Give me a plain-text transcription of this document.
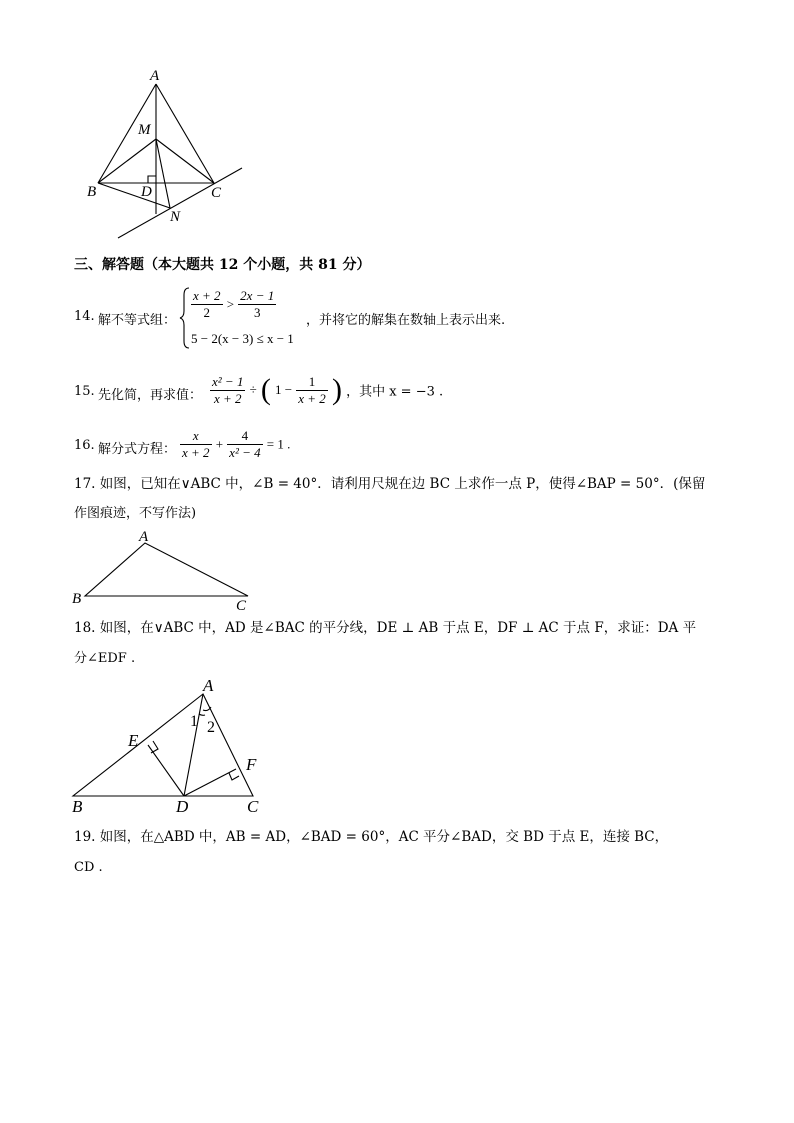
A
M
B	D	C
N
三、解答题（本大题共 12 个小题，共 81 分）
14. 解不等式组： $\frac{x + 2}{2} > \frac{2x - 1}{3}$
5 − 2(x − 3) ≤ x − 1
，并将它的解集在数轴上表示出来.
15. 先化简，再求值： $\frac{\text{x² − 1}}{x + 2}$ ÷ ( $1 - \frac{1}{x + 2}$ ) ，其中 x = −3 .
16. 解分式方程： $\frac{x}{x + 2} + \frac{4}{\text{x² − 4}} = 1$ .
17. 如图，已知在∨ABC 中，∠B = 40°．请利用尺规在边 BC 上求作一点 P，使得∠BAP = 50°．(保留
作图痕迹，不写作法)
A
B	C
18. 如图，在∨ABC 中，AD 是∠BAC 的平分线，DE ⊥ AB 于点 E，DF ⊥ AC 于点 F，求证：DA 平
分∠EDF .
A
E
F
B	D	C
1 2
19. 如图，在△ABD 中，AB = AD，∠BAD = 60°，AC 平分∠BAD，交 BD 于点 E，连接 BC，
CD .
